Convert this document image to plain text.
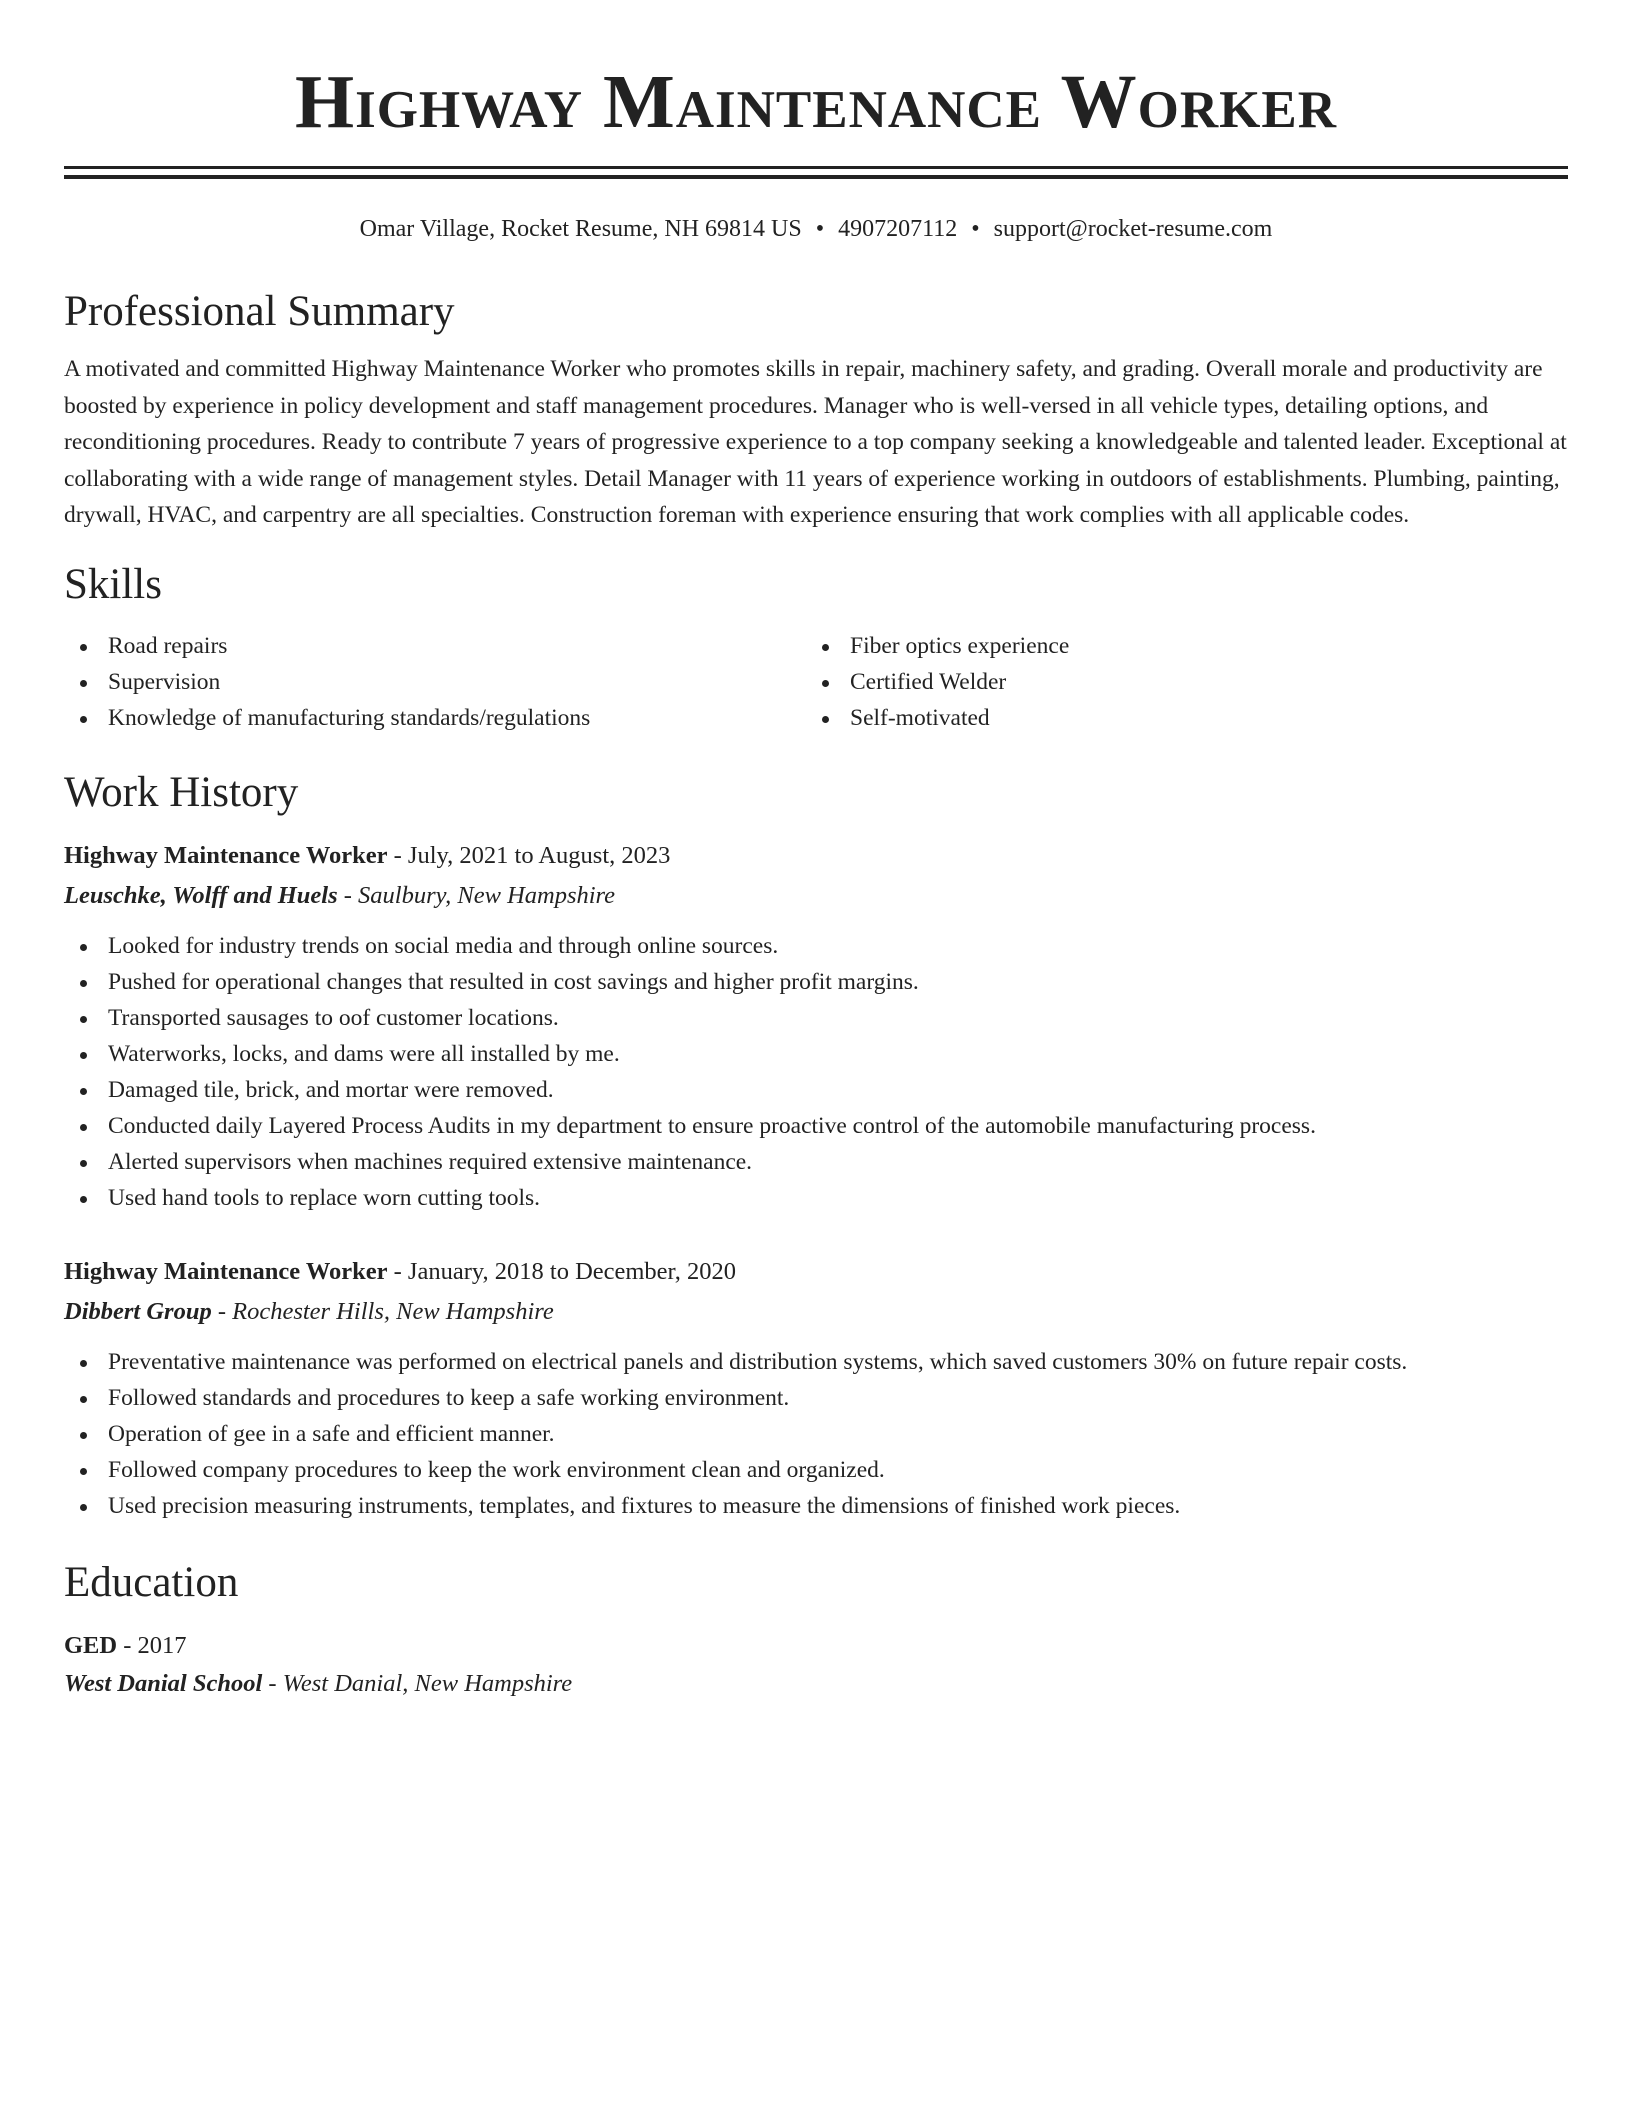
Highway Maintenance Worker
Omar Village, Rocket Resume, NH 69814 US • 4907207112 • support@rocket-resume.com
Professional Summary

A motivated and committed Highway Maintenance Worker who promotes skills in repair, machinery safety, and grading. Overall morale and productivity are boosted by experience in policy development and staff management procedures. Manager who is well-versed in all vehicle types, detailing options, and reconditioning procedures. Ready to contribute 7 years of progressive experience to a top company seeking a knowledgeable and talented leader. Exceptional at collaborating with a wide range of management styles. Detail Manager with 11 years of experience working in outdoors of establishments. Plumbing, painting, drywall, HVAC, and carpentry are all specialties. Construction foreman with experience ensuring that work complies with all applicable codes.

Skills
Road repairs
Supervision
Knowledge of manufacturing standards/regulations
Fiber optics experience
Certified Welder
Self-motivated
Work History
Highway Maintenance Worker - July, 2021 to August, 2023
Leuschke, Wolff and Huels - Saulbury, New Hampshire
Looked for industry trends on social media and through online sources.
Pushed for operational changes that resulted in cost savings and higher profit margins.
Transported sausages to oof customer locations.
Waterworks, locks, and dams were all installed by me.
Damaged tile, brick, and mortar were removed.
Conducted daily Layered Process Audits in my department to ensure proactive control of the automobile manufacturing process.
Alerted supervisors when machines required extensive maintenance.
Used hand tools to replace worn cutting tools.
Highway Maintenance Worker - January, 2018 to December, 2020
Dibbert Group - Rochester Hills, New Hampshire
Preventative maintenance was performed on electrical panels and distribution systems, which saved customers 30% on future repair costs.
Followed standards and procedures to keep a safe working environment.
Operation of gee in a safe and efficient manner.
Followed company procedures to keep the work environment clean and organized.
Used precision measuring instruments, templates, and fixtures to measure the dimensions of finished work pieces.
Education
GED - 2017
West Danial School - West Danial, New Hampshire
